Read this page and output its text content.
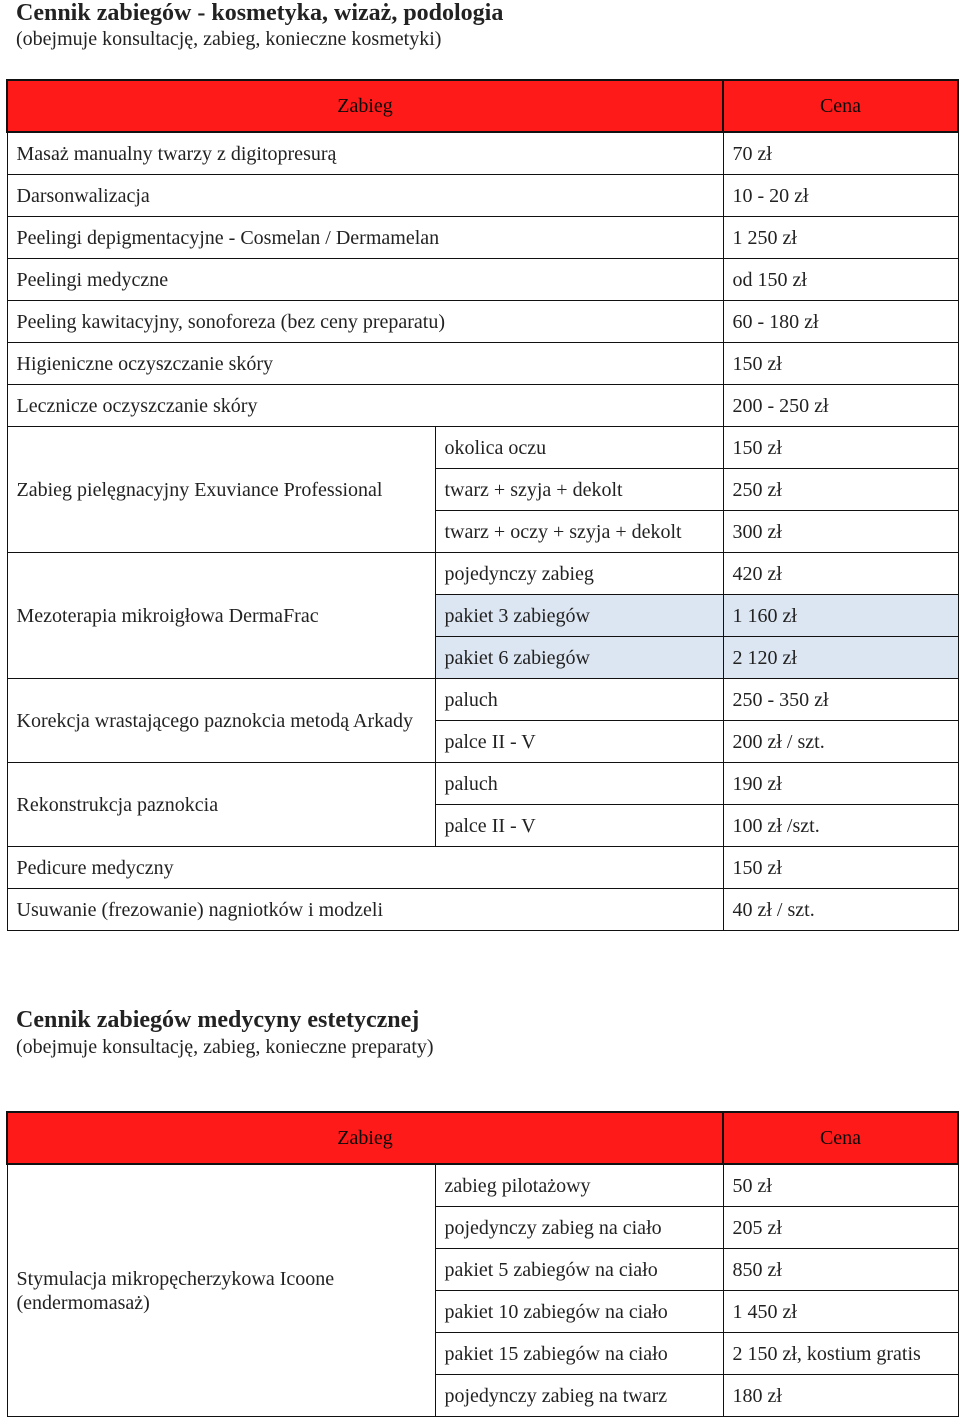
Cennik zabiegów - kosmetyka, wizaż, podologia

(obejmuje konsultację, zabieg, konieczne kosmetyki)

Zabieg		Cena
Masaż manualny twarzy z digitopresurą		70 zł
Darsonwalizacja		10 - 20 zł
Peelingi depigmentacyjne - Cosmelan / Dermamelan		1 250 zł
Peelingi medyczne		od 150 zł
Peeling kawitacyjny, sonoforeza (bez ceny preparatu)		60 - 180 zł
Higieniczne oczyszczanie skóry		150 zł
Lecznicze oczyszczanie skóry		200 - 250 zł
Zabieg pielęgnacyjny Exuviance Professional	okolica oczu	150 zł
	twarz + szyja + dekolt	250 zł
	twarz + oczy + szyja + dekolt	300 zł
Mezoterapia mikroigłowa DermaFrac	pojedynczy zabieg	420 zł
	pakiet 3 zabiegów	1 160 zł
	pakiet 6 zabiegów	2 120 zł
Korekcja wrastającego paznokcia metodą Arkady	paluch	250 - 350 zł
	palce II - V	200 zł / szt.
Rekonstrukcja paznokcia	paluch	190 zł
	palce II - V	100 zł /szt.
Pedicure medyczny		150 zł
Usuwanie (frezowanie) nagniotków i modzeli		40 zł / szt.
Cennik zabiegów medycyny estetycznej

(obejmuje konsultację, zabieg, konieczne preparaty)

Zabieg		Cena
Stymulacja mikropęcherzykowa Icoone (endermomasaż)	zabieg pilotażowy	50 zł
	pojedynczy zabieg na ciało	205 zł
	pakiet 5 zabiegów na ciało	850 zł
	pakiet 10 zabiegów na ciało	1 450 zł
	pakiet 15 zabiegów na ciało	2 150 zł, kostium gratis
	pojedynczy zabieg na twarz	180 zł
